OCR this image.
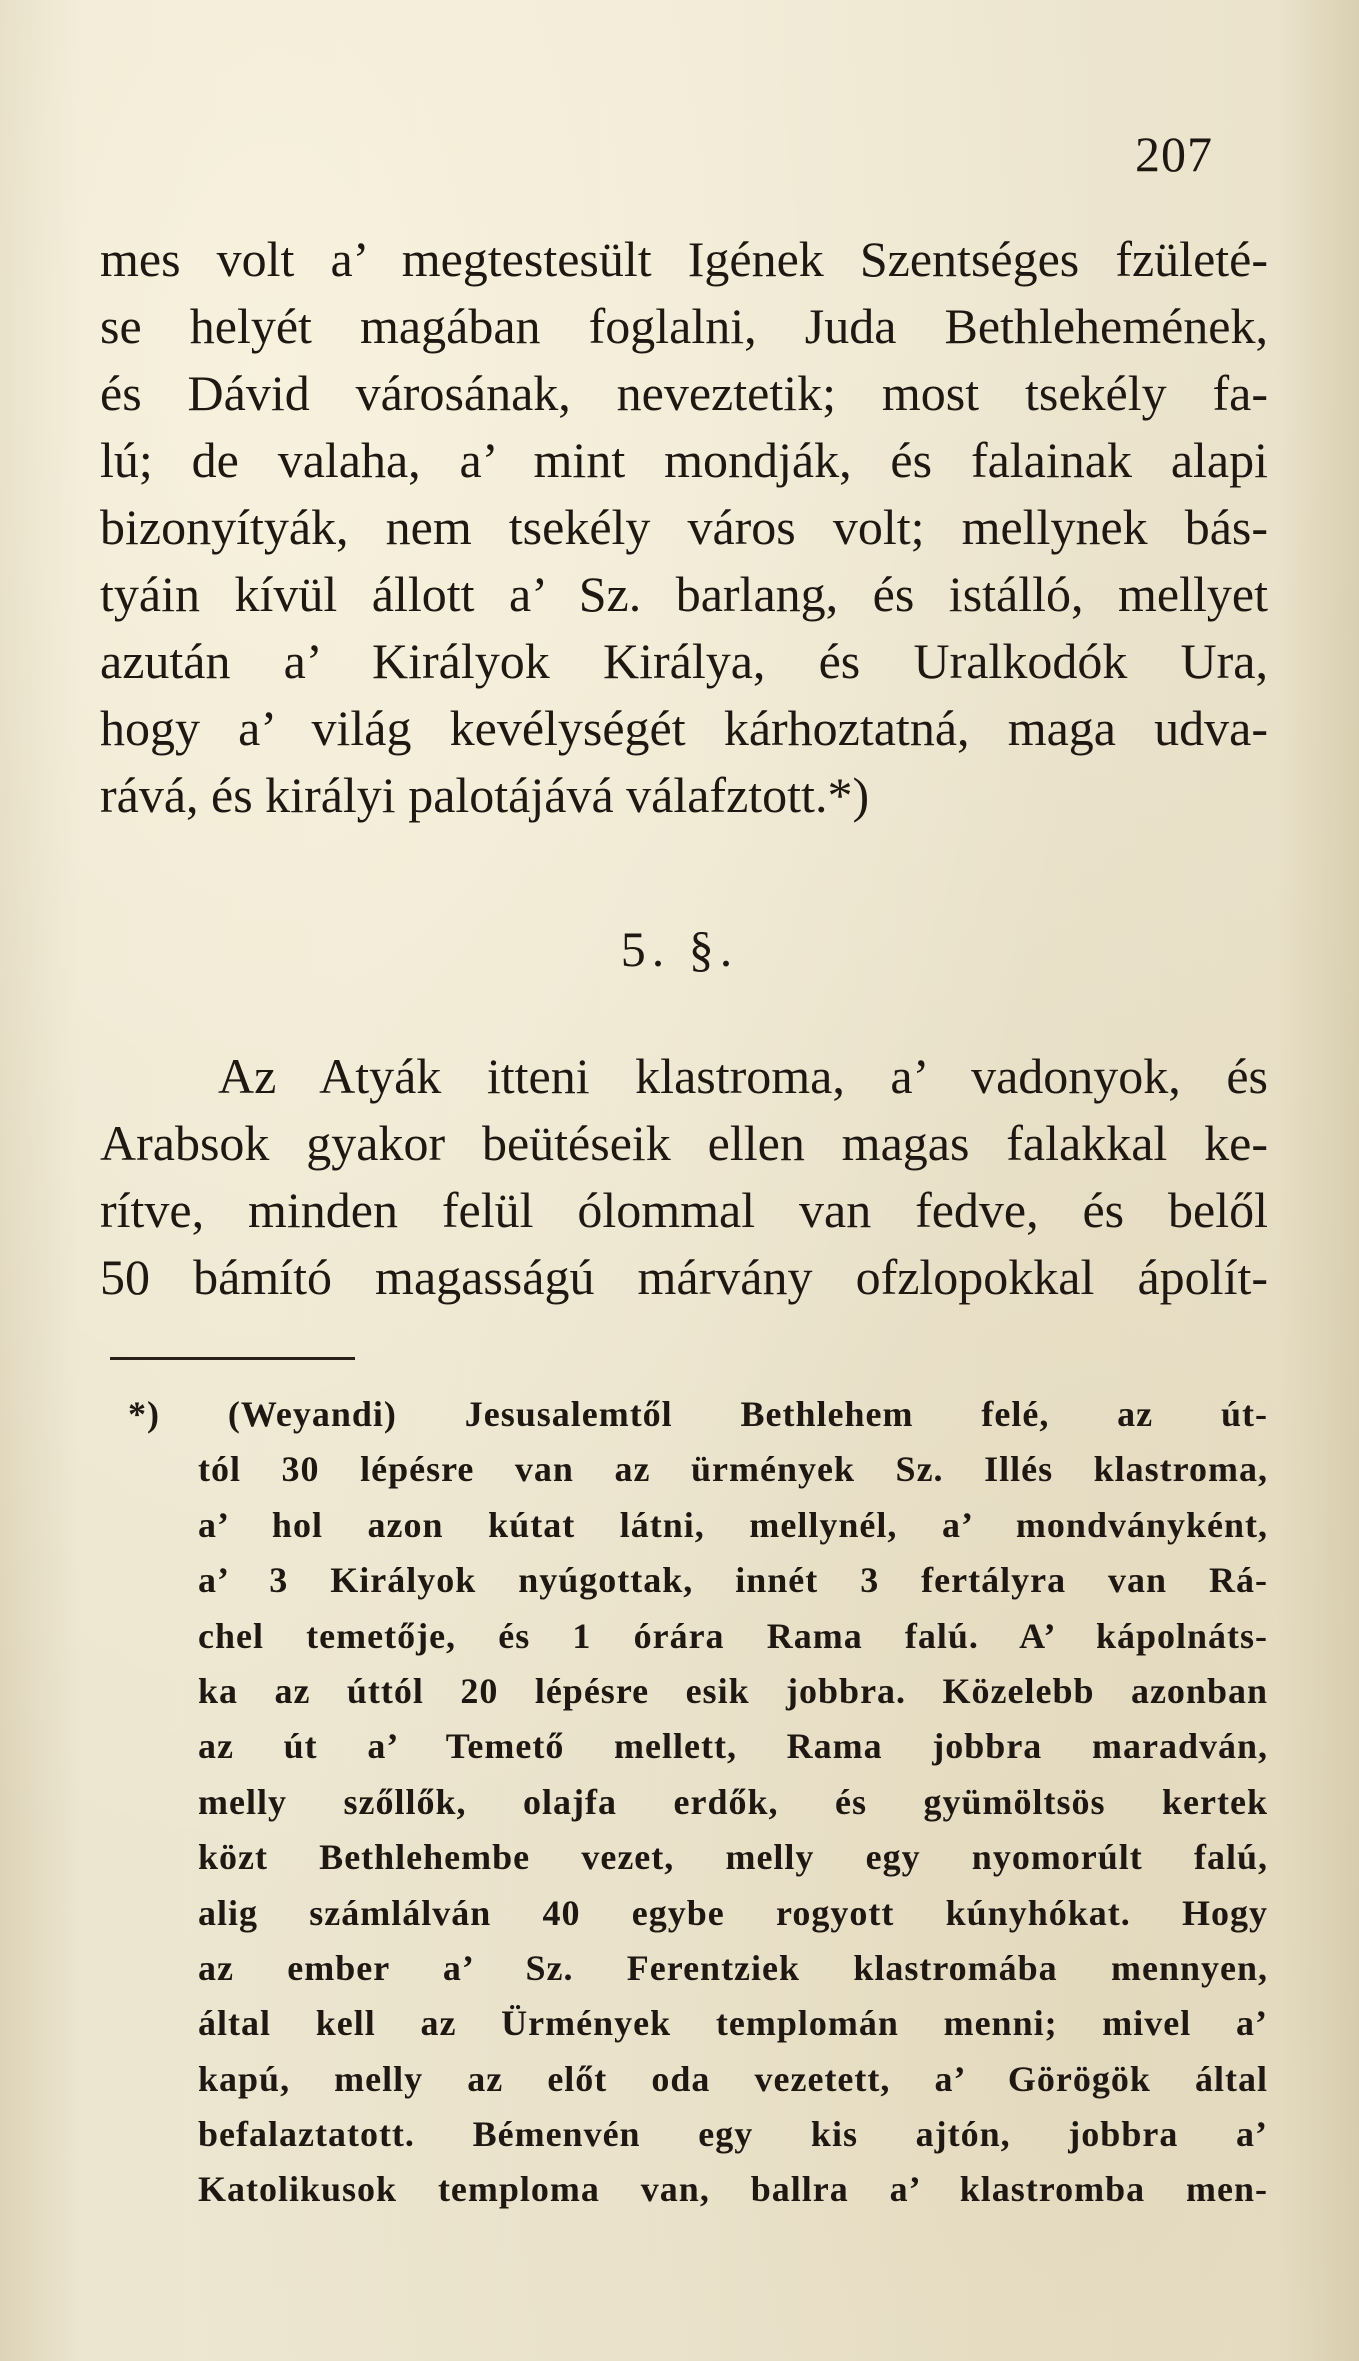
207
mes volt a’ megtestesült Igének Szentséges fzületé-
se helyét magában foglalni, Juda Bethlehemének,
és Dávid városának, neveztetik; most tsekély fa-
lú; de valaha, a’ mint mondják, és falainak alapi
bizonyítyák, nem tsekély város volt; mellynek bás-
tyáin kívül állott a’ Sz. barlang, és istálló, mellyet
azután a’ Királyok Királya, és Uralkodók Ura,
hogy a’ világ kevélységét kárhoztatná, maga udva-
rává, és királyi palotájává válafztott.*)
5. §.
Az Atyák itteni klastroma, a’ vadonyok, és
Arabsok gyakor beütéseik ellen magas falakkal ke-
rítve, minden felül ólommal van fedve, és belől
50 bámító magasságú márvány ofzlopokkal ápolít-
*) (Weyandi) Jesusalemtől Bethlehem felé, az út-
tól 30 lépésre van az ürmények Sz. Illés klastroma,
a’ hol azon kútat látni, mellynél, a’ mondványként,
a’ 3 Királyok nyúgottak, innét 3 fertályra van Rá-
chel temetője, és 1 órára Rama falú. A’ kápolnáts-
ka az úttól 20 lépésre esik jobbra. Közelebb azonban
az út a’ Temető mellett, Rama jobbra maradván,
melly szőllők, olajfa erdők, és gyümöltsös kertek
közt Bethlehembe vezet, melly egy nyomorúlt falú,
alig számlálván 40 egybe rogyott kúnyhókat. Hogy
az ember a’ Sz. Ferentziek klastromába mennyen,
által kell az Ürmények templomán menni; mivel a’
kapú, melly az előt oda vezetett, a’ Görögök által
befalaztatott. Bémenvén egy kis ajtón, jobbra a’
Katolikusok temploma van, ballra a’ klastromba men-
